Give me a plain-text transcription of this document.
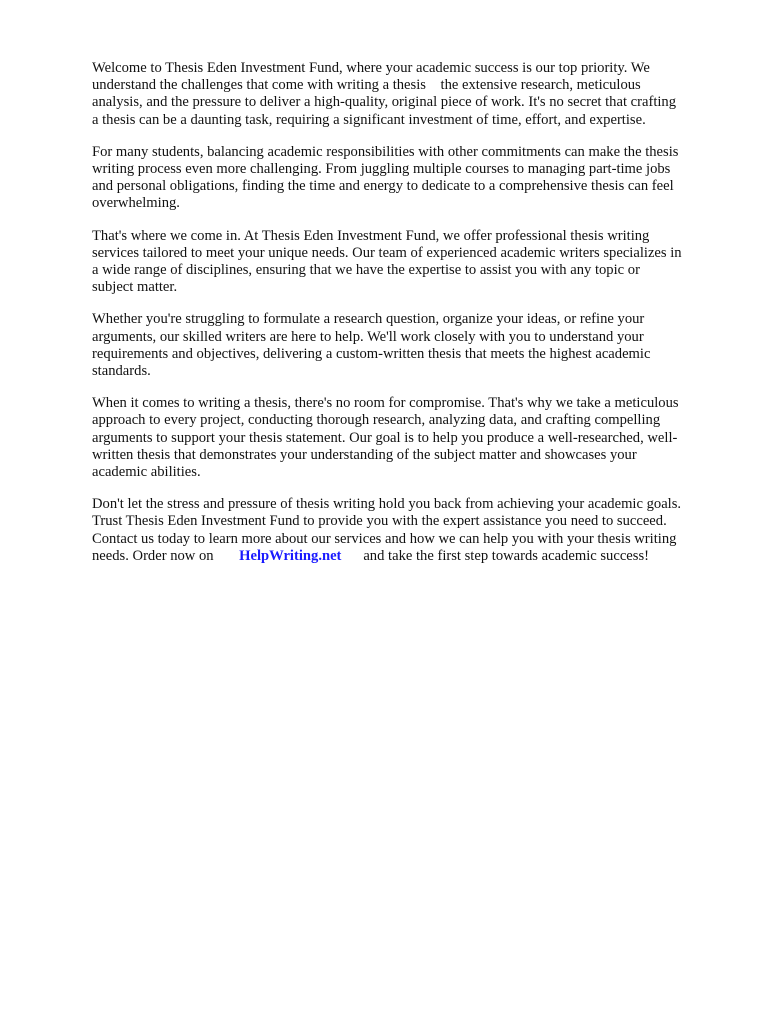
Welcome to Thesis Eden Investment Fund, where your academic success is our top priority. We
understand the challenges that come with writing a thesis    the extensive research, meticulous
analysis, and the pressure to deliver a high-quality, original piece of work. It's no secret that crafting
a thesis can be a daunting task, requiring a significant investment of time, effort, and expertise.

For many students, balancing academic responsibilities with other commitments can make the thesis
writing process even more challenging. From juggling multiple courses to managing part-time jobs
and personal obligations, finding the time and energy to dedicate to a comprehensive thesis can feel
overwhelming.

That's where we come in. At Thesis Eden Investment Fund, we offer professional thesis writing
services tailored to meet your unique needs. Our team of experienced academic writers specializes in
a wide range of disciplines, ensuring that we have the expertise to assist you with any topic or
subject matter.

Whether you're struggling to formulate a research question, organize your ideas, or refine your
arguments, our skilled writers are here to help. We'll work closely with you to understand your
requirements and objectives, delivering a custom-written thesis that meets the highest academic
standards.

When it comes to writing a thesis, there's no room for compromise. That's why we take a meticulous
approach to every project, conducting thorough research, analyzing data, and crafting compelling
arguments to support your thesis statement. Our goal is to help you produce a well-researched, well-
written thesis that demonstrates your understanding of the subject matter and showcases your
academic abilities.

Don't let the stress and pressure of thesis writing hold you back from achieving your academic goals.
Trust Thesis Eden Investment Fund to provide you with the expert assistance you need to succeed.
Contact us today to learn more about our services and how we can help you with your thesis writing
needs. Order now on       HelpWriting.net      and take the first step towards academic success!
